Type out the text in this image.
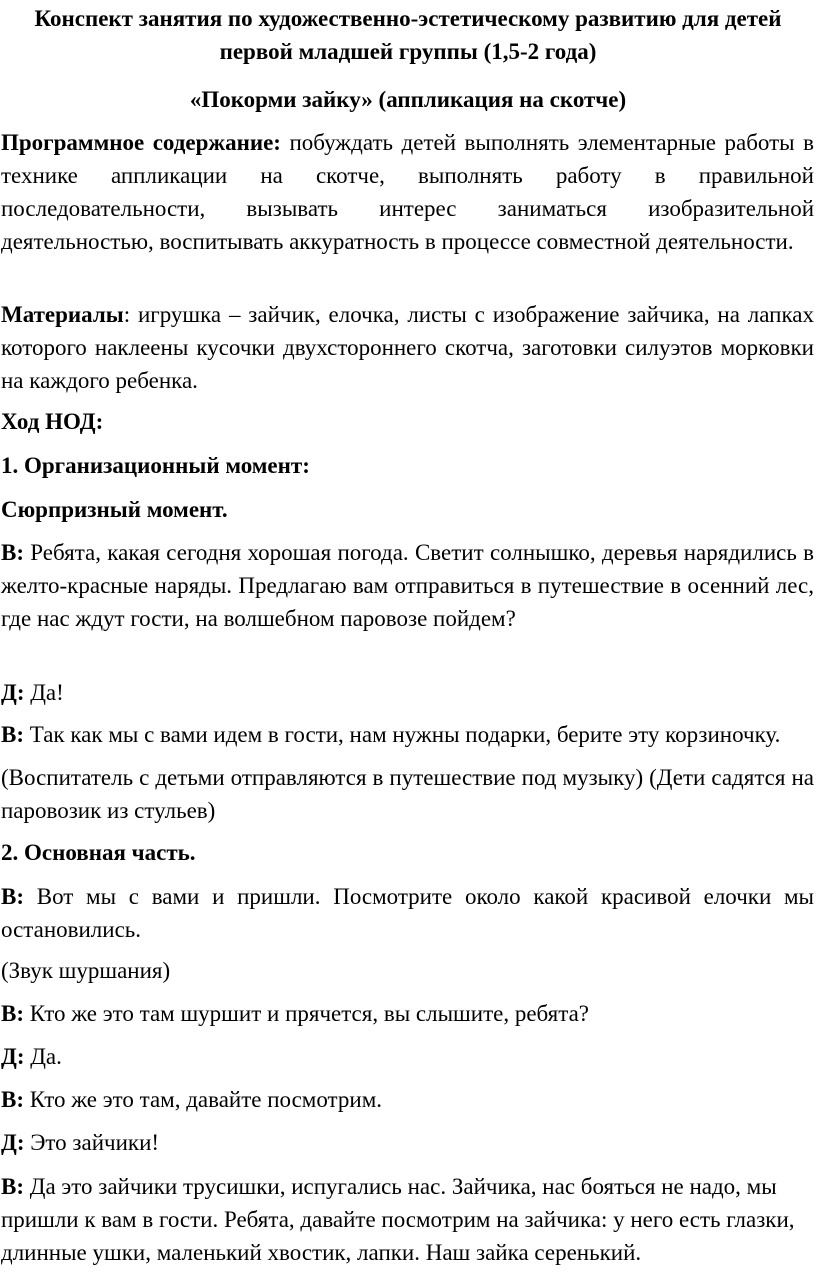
Конспект занятия по художественно-эстетическому развитию для детей

первой младшей группы (1,5-2 года)

«Покорми зайку» (аппликация на скотче)

Программное содержание: побуждать детей выполнять элементарные работы в технике аппликации на скотче, выполнять работу в правильной последовательности, вызывать интерес заниматься изобразительной деятельностью, воспитывать аккуратность в процессе совместной деятельности.

Материалы: игрушка – зайчик, елочка, листы с изображение зайчика, на лапках которого наклеены кусочки двухстороннего скотча, заготовки силуэтов морковки на каждого ребенка.

Ход НОД:

1. Организационный момент:

Сюрпризный момент.

В: Ребята, какая сегодня хорошая погода. Светит солнышко, деревья нарядились в желто-красные наряды. Предлагаю вам отправиться в путешествие в осенний лес, где нас ждут гости, на волшебном паровозе пойдем?

Д: Да!

В: Так как мы с вами идем в гости, нам нужны подарки, берите эту корзиночку.

(Воспитатель с детьми отправляются в путешествие под музыку) (Дети садятся на паровозик из стульев)

2. Основная часть.

В: Вот мы с вами и пришли. Посмотрите около какой красивой елочки мы остановились.

(Звук шуршания)

В: Кто же это там шуршит и прячется, вы слышите, ребята?

Д: Да.

В: Кто же это там, давайте посмотрим.

Д: Это зайчики!

В: Да это зайчики трусишки, испугались нас. Зайчика, нас бояться не надо, мы пришли к вам в гости. Ребята, давайте посмотрим на зайчика: у него есть глазки, длинные ушки, маленький хвостик, лапки. Наш зайка серенький.
